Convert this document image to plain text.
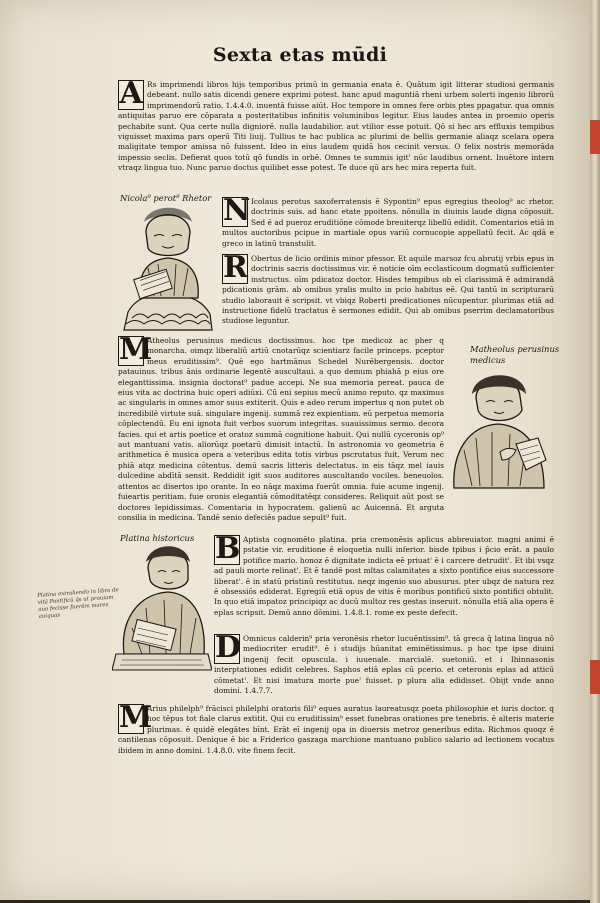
Sexta etas mūdi
A Rs imprimendi libros hijs temporibus primū in germania enata ē. Quātum igit litterar studiosi germanis debeant. nullo satis dicendi genere exprimi potest. hanc apud maguntiā rheni urbem solerti ingenio librorū imprimendorū ratio. 1.4.4.0. inuentā fuisse aiūt. Hoc tempore in omnes fere orbis ptes ppagatur. qua omnis antiquitas paruo ere cōparata a posteritatibus infinitis voluminibus legitur. Eius laudes antea in proemio operis pechabite sunt. Qua certe nulla digniorē. nulla laudabilior. aut vtilior esse potuit. Qō si hec ars effluxis tempibus viguisset maxima pars operū Titi liuij. Tullius te hac publica ac plurimi de bellis germanie aliaqz scelara opera maligitate tempor amissa nō fuissent. Ideo in eius laudem quidā hos cecinit versus. O felix nostris memorāda impessio seclis. Defierat quos totū qō fundis in orbē. Omnes te summis igit' nūc laudibus ornent. Inuētore intern vtraqz lingua tuo. Nunc paruo doctus quilibet esse potest. Te duce qū ars hec mira reperta fuit.

Nicola⁹ perot⁹ Rhetor N Icolaus perotus saxoferratensis ē Sypontin⁹ epus egregius theolog⁹ ac rhetor. doctrinis suis. ad hanc etate ppoitens. nōnulla in diuinis laude digna cōposuit. Sed ē ad pueroz eruditiōne cōmode breuiterqz libellū edidit. Comentarios etiā in multos auctoribus pcipue in martiale opus variū cornucopie appellatū fecit. Ac qdā e greco in latinū transtulit.

R Obertus de licio ordinis minor pfessor. Et aquile marsoz fcu abrutij vrbis epus in doctrinis sacris doctissimus vir. ē noticie oīm ecclastīcoum dogmatū sufficienter instructus. oīm pdicatoz doctor. Hisdes tempibus ob eī clarissimā ē admirandā pdicationis grām. ab omibus yralis multo in pcio habitus eē. Qui tantū in scripturarū studio laborauit ē scripsit. vt vbiqz Roberti predicationes nūcupentur. plurimas etiā ad instructione fidelū tractatus ē sermones edidit. Qui ab omibus pserrim declamatoribus studiose leguntur.

M

Atheolus perusinus medicus doctissimus. hoc tpe medicoz ac pher q monarcha. oimqz liberaliū artiū cnotarūqz scientiarz facile princeps. pceptor meus eruditissim⁹. Quē ego hartmānus Schedel Nurēbergensis. doctor patauinus. tribus ānis ordinarie legentē auscultaui. a quo demum phiahā p eius ore eleganttissima. insignia doctorat⁹ padue accepi. Ne sua memoria pereat. pauca de eius vita ac doctrina huic operi adiūxi. Cū eni sepius mecū animo reputo. qz maximus ac singularis in omnes amor suus extiterit. Quis e adeo rerum impertus q non putet ob incredibilē virtute suā. singulare ingenij. summā rez expientiam. eū perpetua memoria cōplectendū. Eu eni ignota fuit verbos suorum integritas. suauissimus sermo. decora facies. qui et artis poetice et oratoz summā cognitione habuit. Qui nullū cyceronis op⁹ aut mantuani vatis. aliorūqz poetarū dimisit intactū. In astronomia vo geometria ē arithmetica ē musica opera a veteribus edita totis virbus pscrutatus fuit. Verum nec phiā atqz medicina cōtentus. demū sacris litteris delectatus. in eis tāqz mel iauis dulcedine abdītā sensit. Reddidit igit suos auditores auscultando vociles. beneuolos. attentos ac disertos ipo orante. In eo nāqz maxima fuerūt omnia. fuie acume ingenij. fuieartis peritiam. fuie oronis elegantiā cōmoditatēqz consideres. Reliquit aūt post se doctores lepidissimas. Comentaria in hypocratem. galienū ac Auicennā. Et arguta consilia in medicina. Tandē senio defeciēs padue sepult⁹ fuit.

Matheolus perusinus medicus
Platina historicus B Aptista cognomēto platina. pria cremonēsis aplicus abbreuiator. magni animi ē pstatie vir. eruditione ē eloquetia nulli inferior. bisde tpibus i p̄cio erāt. a paulo potifice mario. honoz ē dignitate indicta eē priuat' ē i carcere detrudit'. Et ibi vsqz ad pauli morte relinat'. Et ē tandē post mltas calamitates a sixto pontifice eius successore liberat'. ē in statū pristinū restitutus. neqz ingenio suo abusurus. pter ubqz de natura rez ē obsessiōs ediderat. Egregiū etiā opus de vitis ē moribus pontificū sixto pontifici obtulit. In quo etiā impatoz principiqz ac ducū multoz res gestas inseruit. nōnulla etiā alia opera ē eplas scripsit. Demū anno dōmini. 1.4.8.1. rome ex peste defecit.

D Omnicus calderin⁹ pria veronēsis rhetor lucuēntissim⁹. tā greca q̄ latina lingua nō mediocriter erudit⁹. ē i studijs hūanitat eminētissimus. p hoc tpe ipse diuini ingenij fecit opuscula. i iuuenale. marcialē. suetoniū. et i Ihinnasonis interptationes edidit celebres. Saphos etiā eplas cū pcerio. et ceteronis eplas ad atticū cōmetat'. Et nisi imatura morte pue' fuisset. p plura alia edidisset. Obijt vnde anno domini. 1.4.7.7.

Platina extrahendo in libro de vitā Pontificū q̄s ut prouiam auo fecisse fuerām mares auiquas
M

Arius philelph⁹ frācisci philelphi oratoris fili⁹ eques auratus laureatusqz poeta philosophie et iuris doctor. q hoc tēpus tot fiale clarus extitit. Qui cu eruditissim⁹ esset funebras orationes pre tenebris. ē alteris materie plurimas. ē quidē elegātes bīnt. Erāt eī ingenij opa in diuersis metroz generibus edita. Richmos quoqz ē cantilenas cōposuit. Denique ē bic a Friderico gaszaga marchione mantuano publico salario ad lectionem vocatus ibidem in anno domini. 1.4.8.0. vite finem fecit.
